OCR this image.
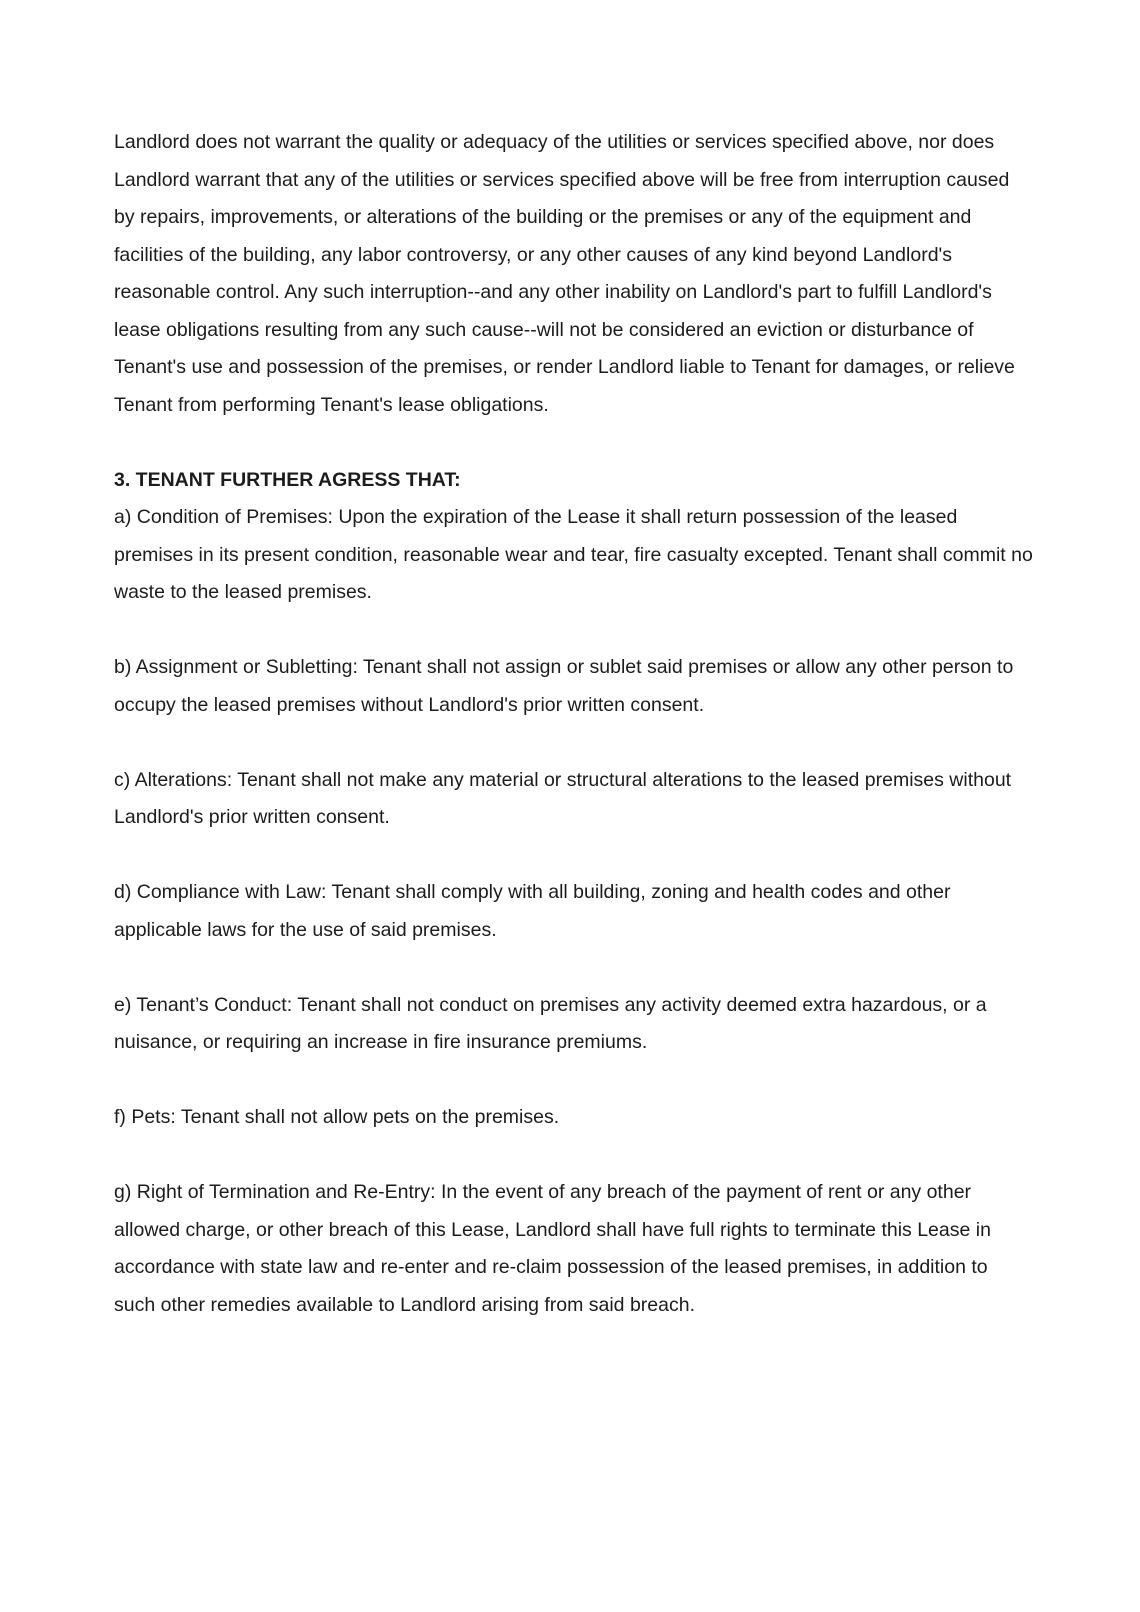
Landlord does not warrant the quality or adequacy of the utilities or services specified above, nor does Landlord warrant that any of the utilities or services specified above will be free from interruption caused by repairs, improvements, or alterations of the building or the premises or any of the equipment and facilities of the building, any labor controversy, or any other causes of any kind beyond Landlord's reasonable control. Any such interruption--and any other inability on Landlord's part to fulfill Landlord's lease obligations resulting from any such cause--will not be considered an eviction or disturbance of Tenant's use and possession of the premises, or render Landlord liable to Tenant for damages, or relieve Tenant from performing Tenant's lease obligations.

3. TENANT FURTHER AGRESS THAT:

a) Condition of Premises: Upon the expiration of the Lease it shall return possession of the leased premises in its present condition, reasonable wear and tear, fire casualty excepted. Tenant shall commit no waste to the leased premises.

b) Assignment or Subletting: Tenant shall not assign or sublet said premises or allow any other person to occupy the leased premises without Landlord's prior written consent.

c) Alterations: Tenant shall not make any material or structural alterations to the leased premises without Landlord's prior written consent.

d) Compliance with Law: Tenant shall comply with all building, zoning and health codes and other applicable laws for the use of said premises.

e) Tenant’s Conduct: Tenant shall not conduct on premises any activity deemed extra hazardous, or a nuisance, or requiring an increase in fire insurance premiums.

f) Pets: Tenant shall not allow pets on the premises.

g) Right of Termination and Re-Entry: In the event of any breach of the payment of rent or any other allowed charge, or other breach of this Lease, Landlord shall have full rights to terminate this Lease in accordance with state law and re-enter and re-claim possession of the leased premises, in addition to such other remedies available to Landlord arising from said breach.
